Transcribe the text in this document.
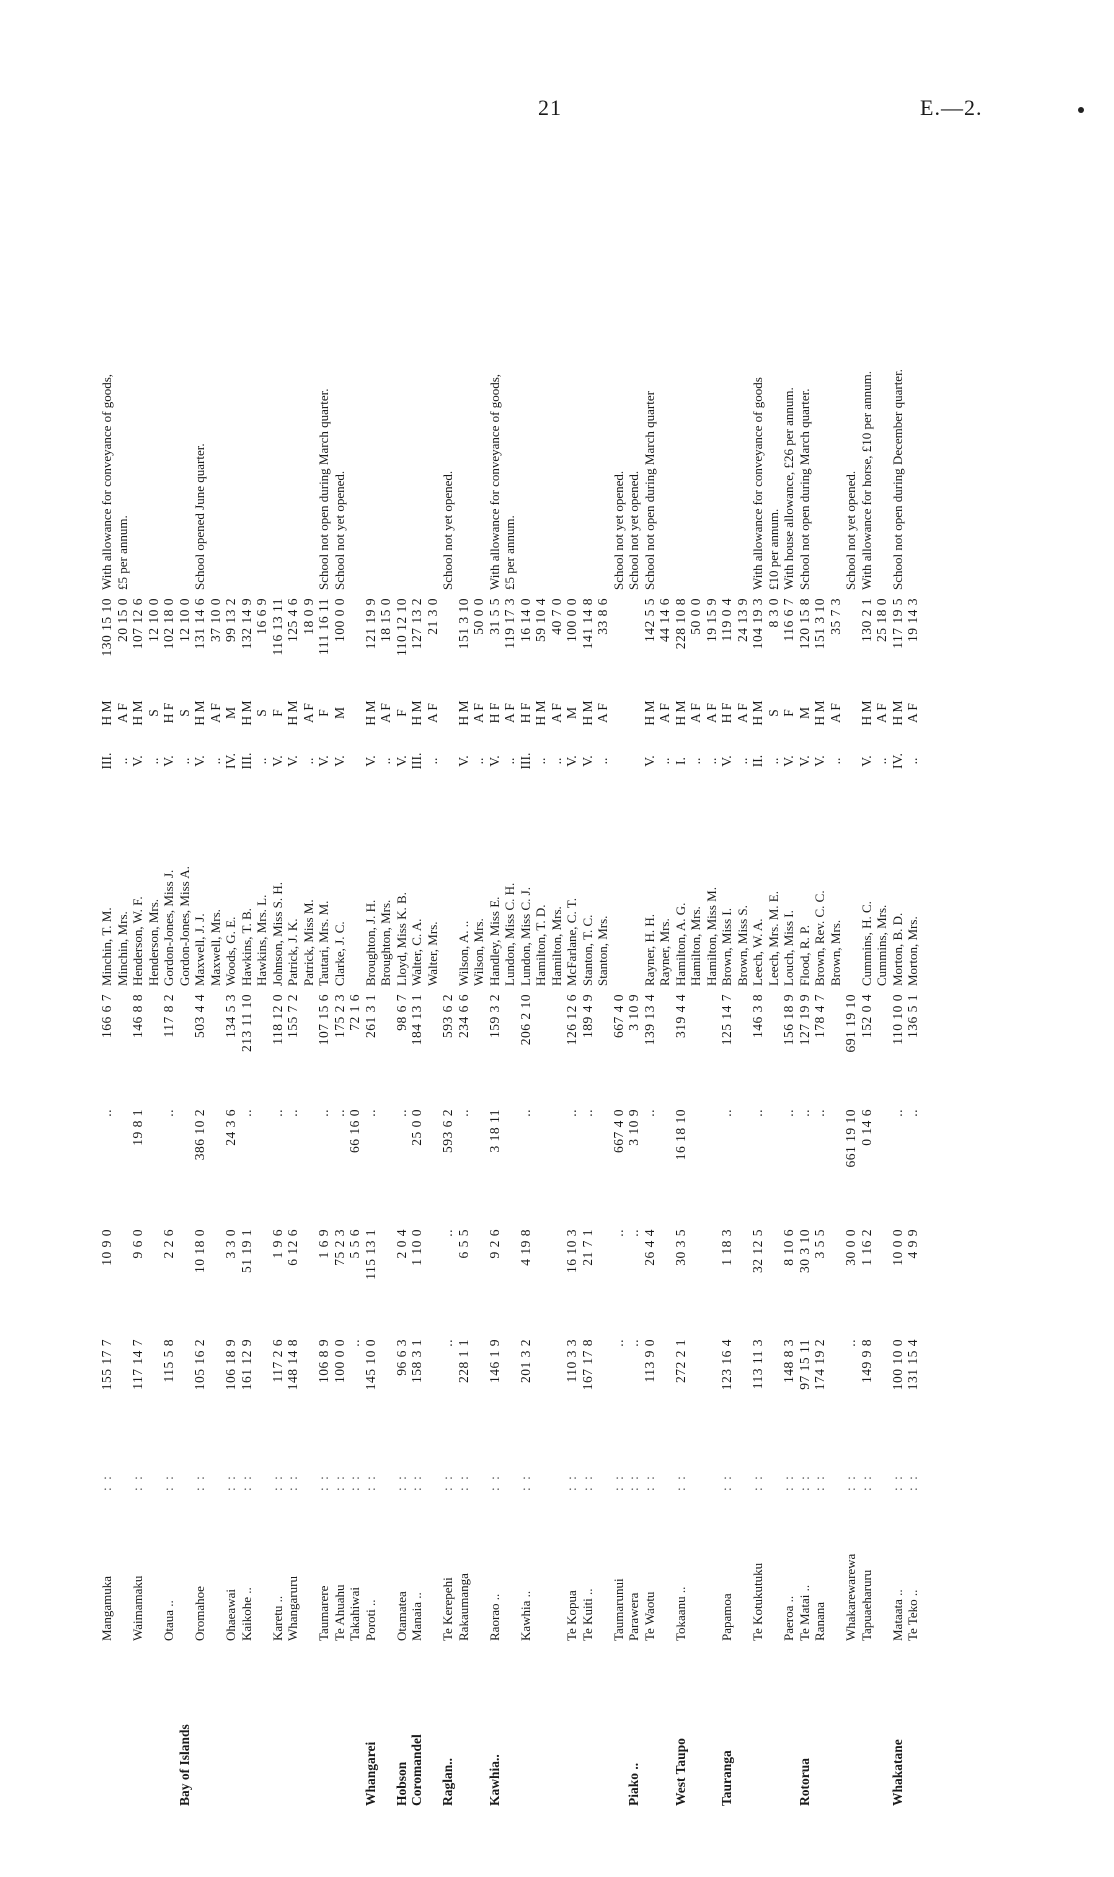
21	E.—2.
	Mangamuka	: :	155 17 7	10 9 0	..	166 6 7	Minchin, T. M.	III.	H M	130 15 10	With allowance for conveyance of goods,
							Minchin, Mrs.	..	A F	20 15 0	£5 per annum.
	Waimamaku	: :	117 14 7	9 6 0	19 8 1	146 8 8	Henderson, W. F.	V.	H M	107 12 6	
							Henderson, Mrs.	..	S	12 10 0	
	Otaua ..	: :	115 5 8	2 2 6	..	117 8 2	Gordon-Jones, Miss J.	V.	H F	102 18 0	
Bay of Islands							Gordon-Jones, Miss A.	..	S	12 10 0	
	Oromahoe	: :	105 16 2	10 18 0	386 10 2	503 4 4	Maxwell, J. J.	V.	H M	131 14 6	School opened June quarter.
							Maxwell, Mrs.	..	A F	37 10 0	
	Ohaeawai	: :	106 18 9	3 3 0	24 3 6	134 5 3	Woods, G. E.	IV.	M	99 13 2	
	Kaikohe ..	: :	161 12 9	51 19 1	..	213 11 10	Hawkins, T. B.	III.	H M	132 14 9	
							Hawkins, Mrs. L.	..	S	16 6 9	
	Karetu ..	: :	117 2 6	1 9 6	..	118 12 0	Johnson, Miss S. H.	V.	F	116 13 11	
	Whangaruru	: :	148 14 8	6 12 6	..	155 7 2	Patrick, J. K.	V.	H M	125 4 6	
							Patrick, Miss M.	..	A F	18 0 9	
	Taumarere	: :	106 8 9	1 6 9	..	107 15 6	Tautari, Mrs. M.	V.	F	111 16 11	School not open during March quarter.
	Te Ahuahu	: :	100 0 0	75 2 3	..	175 2 3	Clarke, J. C.	V.	M	100 0 0	School not yet opened.
	Takahiwai	: :	..	5 5 6	66 16 0	72 1 6					
Whangarei	Poroti ..	: :	145 10 0	115 13 1	..	261 3 1	Broughton, J. H.	V.	H M	121 19 9	
							Broughton, Mrs.	..	A F	18 15 0	
Hobson	Otamatea	: :	96 6 3	2 0 4	..	98 6 7	Lloyd, Miss K. B.	V.	F	110 12 10	
Coromandel	Manaia ..	: :	158 3 1	1 10 0	25 0 0	184 13 1	Walter, C. A.	III.	H M	127 13 2	
							Walter, Mrs.	..	A F	21 3 0	
Raglan..	Te Kerepehi	: :	..	..	593 6 2	593 6 2					School not yet opened.
	Rakaumanga	: :	228 1 1	6 5 5	..	234 6 6	Wilson, A. ..	V.	H M	151 3 10	
							Wilson, Mrs.	..	A F	50 0 0	
Kawhia..	Raorao ..	: :	146 1 9	9 2 6	3 18 11	159 3 2	Handley, Miss E.	V.	H F	31 5 5	With allowance for conveyance of goods,
							Lundon, Miss C. H.	..	A F	119 17 3	£5 per annum.
	Kawhia ..	: :	201 3 2	4 19 8	..	206 2 10	Lundon, Miss C. J.	III.	H F	16 14 0	
							Hamilton, T. D.	..	H M	59 10 4	
							Hamilton, Mrs.	..	A F	40 7 0	
	Te Kopua	: :	110 3 3	16 10 3	..	126 12 6	McFarlane, C. T.	V.	M	100 0 0	
	Te Kuiti ..	: :	167 17 8	21 7 1	..	189 4 9	Stanton, T. C.	V.	H M	141 14 8	
							Stanton, Mrs.	..	A F	33 8 6	
	Taumarunui	: :	..	..	667 4 0	667 4 0					School not yet opened.
Piako ..	Parawera	: :	..	..	3 10 9	3 10 9					School not yet opened.
	Te Waotu	: :	113 9 0	26 4 4	..	139 13 4	Rayner, H. H.	V.	H M	142 5 5	School not open during March quarter
							Rayner, Mrs.	..	A F	44 14 6	
West Taupo	Tokaanu ..	: :	272 2 1	30 3 5	16 18 10	319 4 4	Hamilton, A. G.	I.	H M	228 10 8	
							Hamilton, Mrs.	..	A F	50 0 0	
							Hamilton, Miss M.	..	A F	19 15 9	
Tauranga	Papamoa	: :	123 16 4	1 18 3	..	125 14 7	Brown, Miss I.	V.	H F	119 0 4	
							Brown, Miss S.	..	A F	24 13 9	
	Te Kotukutuku	: :	113 11 3	32 12 5	..	146 3 8	Leech, W. A.	II.	H M	104 19 3	With allowance for conveyance of goods
							Leech, Mrs. M. E.	..	S	8 3 0	£10 per annum.
	Paeroa ..	: :	148 8 3	8 10 6	..	156 18 9	Louch, Miss I.	V.	F	116 6 7	With house allowance, £26 per annum.
Rotorua	Te Matai ..	: :	97 15 11	30 3 10	..	127 19 9	Flood, R. P.	V.	M	120 15 8	School not open during March quarter.
	Ranana	: :	174 19 2	3 5 5	..	178 4 7	Brown, Rev. C. C.	V.	H M	151 3 10	
							Brown, Mrs.	..	A F	35 7 3	
	Whakarewarewa	: :	..	30 0 0	661 19 10	691 19 10					School not yet opened.
	Tapuaeharuru	: :	149 9 8	1 16 2	0 14 6	152 0 4	Cummins, H. C.	V.	H M	130 2 1	With allowance for horse, £10 per annum.
							Cummins, Mrs.	..	A F	25 18 0	
Whakatane	Mataata ..	: :	100 10 0	10 0 0	..	110 10 0	Morton, B. D.	IV.	H M	117 19 5	School not open during December quarter.
	Te Teko ..	: :	131 15 4	4 9 9	..	136 5 1	Morton, Mrs.	..	A F	19 14 3	
